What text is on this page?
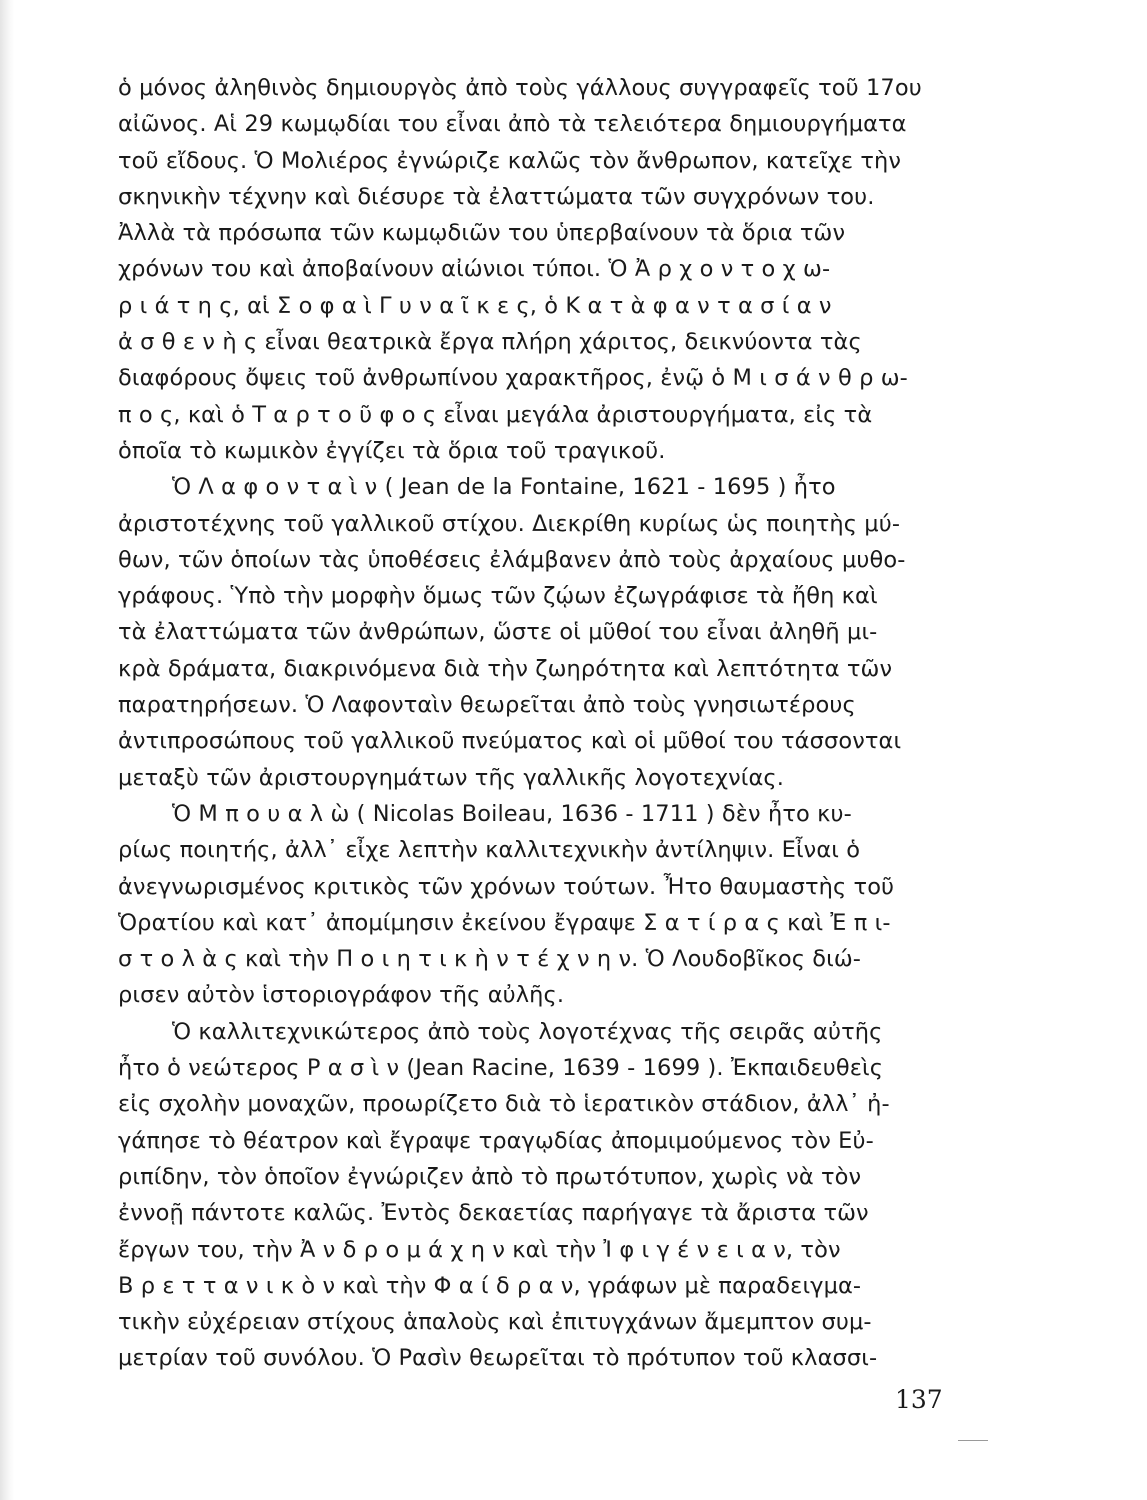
ὁ μόνος ἀληθινὸς δημιουργὸς ἀπὸ τοὺς γάλλους συγγραφεῖς τοῦ 17ου
αἰῶνος. Αἱ 29 κωμῳδίαι του εἶναι ἀπὸ τὰ τελειότερα δημιουργήματα
τοῦ εἴδους. Ὁ Μολιέρος ἐγνώριζε καλῶς τὸν ἄνθρωπον, κατεῖχε τὴν
σκηνικὴν τέχνην καὶ διέσυρε τὰ ἐλαττώματα τῶν συγχρόνων του.
Ἀλλὰ τὰ πρόσωπα τῶν κωμῳδιῶν του ὑπερβαίνουν τὰ ὅρια τῶν
χρόνων του καὶ ἀποβαίνουν αἰώνιοι τύποι. Ὁ Ἀ ρ χ ο ν τ ο χ ω-
ρ ι ά τ η ς, αἱ Σ ο φ α ὶ Γ υ ν α ῖ κ ε ς, ὁ Κ α τ ὰ φ α ν τ α σ ί α ν
ἀ σ θ ε ν ὴ ς εἶναι θεατρικὰ ἔργα πλήρη χάριτος, δεικνύοντα τὰς
διαφόρους ὄψεις τοῦ ἀνθρωπίνου χαρακτῆρος, ἐνῷ ὁ Μ ι σ ά ν θ ρ ω-
π ο ς, καὶ ὁ Τ α ρ τ ο ῦ φ ο ς εἶναι μεγάλα ἀριστουργήματα, εἰς τὰ
ὁποῖα τὸ κωμικὸν ἐγγίζει τὰ ὅρια τοῦ τραγικοῦ.
Ὁ Λ α φ ο ν τ α ὶ ν ( Jean de la Fontaine, 1621 - 1695 ) ἦτο
ἀριστοτέχνης τοῦ γαλλικοῦ στίχου. Διεκρίθη κυρίως ὡς ποιητὴς μύ-
θων, τῶν ὁποίων τὰς ὑποθέσεις ἐλάμβανεν ἀπὸ τοὺς ἀρχαίους μυθο-
γράφους. Ὑπὸ τὴν μορφὴν ὅμως τῶν ζῴων ἐζωγράφισε τὰ ἤθη καὶ
τὰ ἐλαττώματα τῶν ἀνθρώπων, ὥστε οἱ μῦθοί του εἶναι ἀληθῆ μι-
κρὰ δράματα, διακρινόμενα διὰ τὴν ζωηρότητα καὶ λεπτότητα τῶν
παρατηρήσεων. Ὁ Λαφονταὶν θεωρεῖται ἀπὸ τοὺς γνησιωτέρους
ἀντιπροσώπους τοῦ γαλλικοῦ πνεύματος καὶ οἱ μῦθοί του τάσσονται
μεταξὺ τῶν ἀριστουργημάτων τῆς γαλλικῆς λογοτεχνίας.
Ὁ Μ π ο υ α λ ὼ ( Nicolas Boileau, 1636 - 1711 ) δὲν ἦτο κυ-
ρίως ποιητής, ἀλλ᾽ εἶχε λεπτὴν καλλιτεχνικὴν ἀντίληψιν. Εἶναι ὁ
ἀνεγνωρισμένος κριτικὸς τῶν χρόνων τούτων. Ἦτο θαυμαστὴς τοῦ
Ὁρατίου καὶ κατ᾽ ἀπομίμησιν ἐκείνου ἔγραψε Σ α τ ί ρ α ς καὶ Ἐ π ι-
σ τ ο λ ὰ ς καὶ τὴν Π ο ι η τ ι κ ὴ ν τ έ χ ν η ν. Ὁ Λουδοβῖκος διώ-
ρισεν αὐτὸν ἱστοριογράφον τῆς αὐλῆς.
Ὁ καλλιτεχνικώτερος ἀπὸ τοὺς λογοτέχνας τῆς σειρᾶς αὐτῆς
ἦτο ὁ νεώτερος Ρ α σ ὶ ν (Jean Racine, 1639 - 1699 ). Ἐκπαιδευθεὶς
εἰς σχολὴν μοναχῶν, προωρίζετο διὰ τὸ ἱερατικὸν στάδιον, ἀλλ᾽ ἠ-
γάπησε τὸ θέατρον καὶ ἔγραψε τραγῳδίας ἀπομιμούμενος τὸν Εὐ-
ριπίδην, τὸν ὁποῖον ἐγνώριζεν ἀπὸ τὸ πρωτότυπον, χωρὶς νὰ τὸν
ἐννοῇ πάντοτε καλῶς. Ἐντὸς δεκαετίας παρήγαγε τὰ ἄριστα τῶν
ἔργων του, τὴν Ἀ ν δ ρ ο μ ά χ η ν καὶ τὴν Ἰ φ ι γ έ ν ε ι α ν, τὸν
Β ρ ε τ τ α ν ι κ ὸ ν καὶ τὴν Φ α ί δ ρ α ν, γράφων μὲ παραδειγμα-
τικὴν εὐχέρειαν στίχους ἁπαλοὺς καὶ ἐπιτυγχάνων ἄμεμπτον συμ-
μετρίαν τοῦ συνόλου. Ὁ Ρασὶν θεωρεῖται τὸ πρότυπον τοῦ κλασσι-
137
